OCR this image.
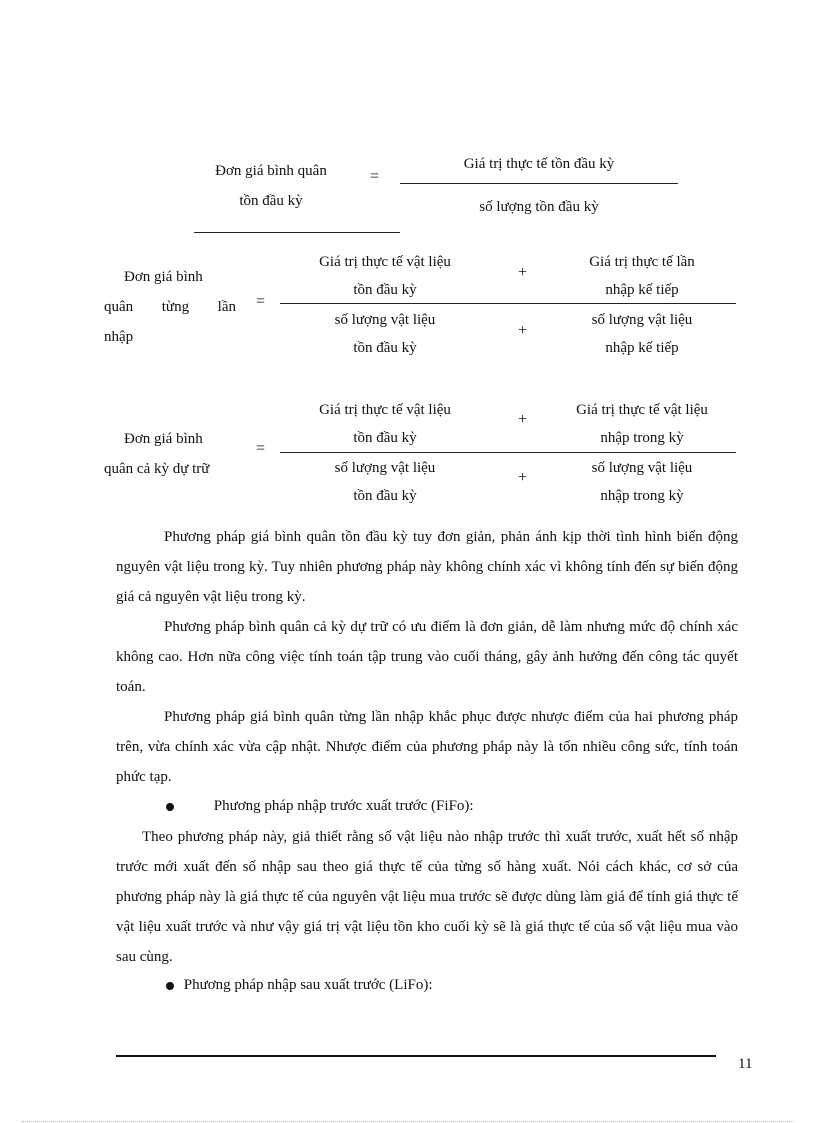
Đơn giá bình quân
tồn đầu kỳ
=
Giá trị thực tế tồn đầu kỳ
số lượng tồn đầu kỳ
Đơn giá bình
quân từng lần
nhập
=
Giá trị thực tế vật liệu
tồn đầu kỳ
+
Giá trị thực tế lần
nhập kế tiếp
số lượng vật liệu
tồn đầu kỳ
+
số lượng vật liệu
nhập kế tiếp
Đơn giá bình
quân cả kỳ dự trữ
=
Giá trị thực tế vật liệu
tồn đầu kỳ
+
Giá trị thực tế vật liệu
nhập trong kỳ
số lượng vật liệu
tồn đầu kỳ
+
số lượng vật liệu
nhập trong kỳ
Phương pháp giá bình quân tồn đầu kỳ tuy đơn giản, phản ánh kịp thời tình hình biến động nguyên vật liệu trong kỳ. Tuy nhiên phương pháp này không chính xác vì không tính đến sự biến động giá cả nguyên vật liệu trong kỳ.
Phương pháp bình quân cả kỳ dự trữ có ưu điểm là đơn giản, dễ làm nhưng mức độ chính xác không cao. Hơn nữa công việc tính toán tập trung vào cuối tháng, gây ảnh hưởng đến công tác quyết toán.
Phương pháp giá bình quân từng lần nhập khắc phục được nhược điểm của hai phương pháp trên, vừa chính xác vừa cập nhật. Nhược điểm của phương pháp này là tốn nhiều công sức, tính toán phức tạp.
Phương pháp nhập trước xuất trước (FiFo):
Theo phương pháp này, giả thiết rằng số vật liệu nào nhập trước thì xuất trước, xuất hết số nhập trước mới xuất đến số nhập sau theo giá thực tế của từng số hàng xuất. Nói cách khác, cơ sở của phương pháp này là giá thực tế của nguyên vật liệu mua trước sẽ được dùng làm giá để tính giá thực tế vật liệu xuất trước và như vậy giá trị vật liệu tồn kho cuối kỳ sẽ là giá thực tế của số vật liệu mua vào sau cùng.
Phương pháp nhập sau xuất trước (LiFo):
11
